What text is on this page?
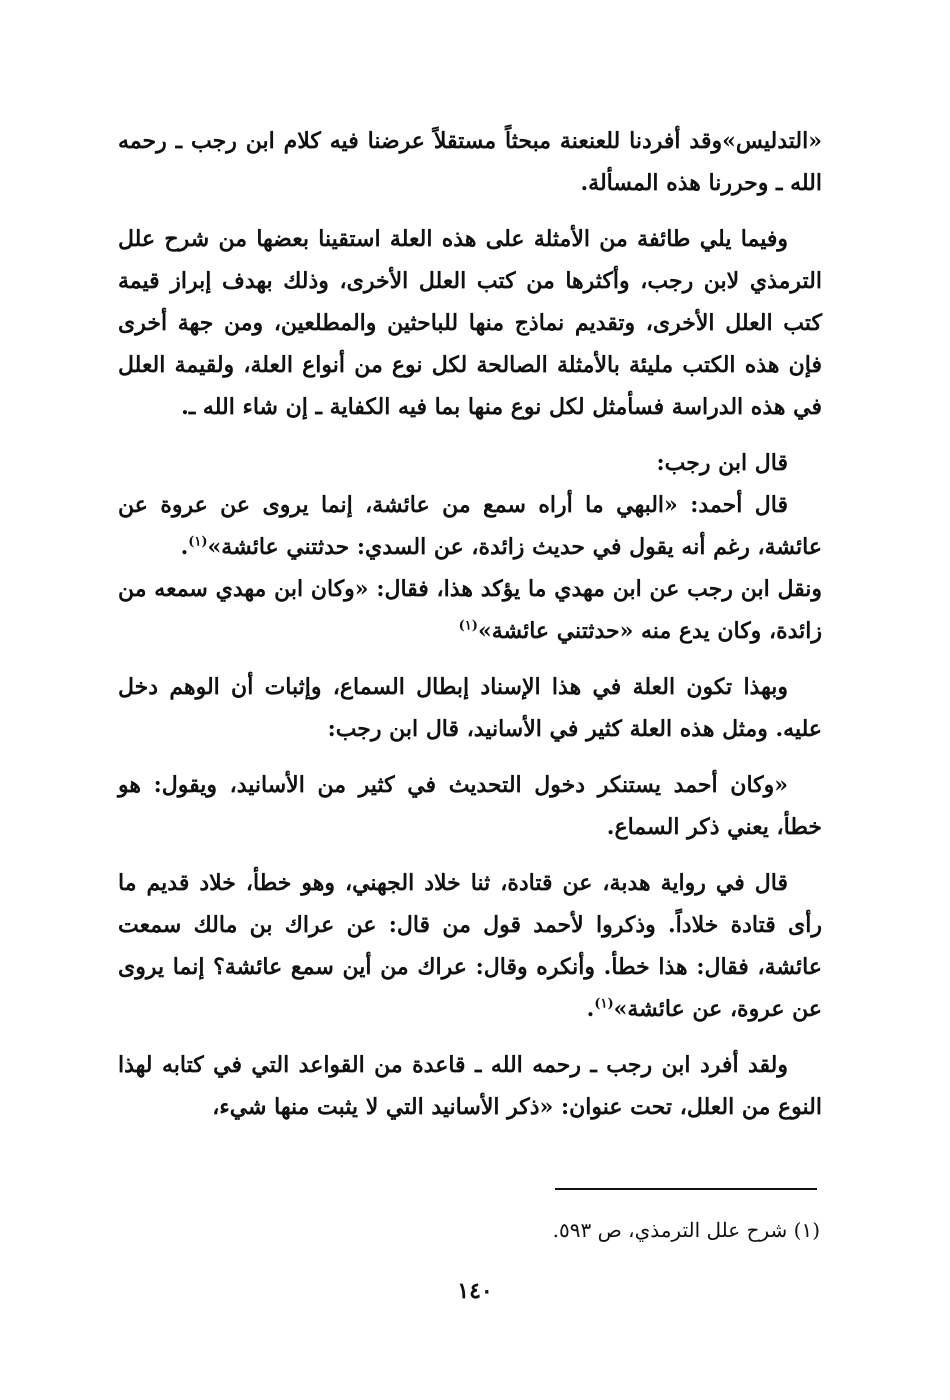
«التدليس»وقد أفردنا للعنعنة مبحثاً مستقلاً عرضنا فيه كلام ابن رجب ـ رحمه الله ـ وحررنا هذه المسألة.

وفيما يلي طائفة من الأمثلة على هذه العلة استقينا بعضها من شرح علل الترمذي لابن رجب، وأكثرها من كتب العلل الأخرى، وذلك بهدف إبراز قيمة كتب العلل الأخرى، وتقديم نماذج منها للباحثين والمطلعين، ومن جهة أخرى فإن هذه الكتب مليئة بالأمثلة الصالحة لكل نوع من أنواع العلة، ولقيمة العلل في هذه الدراسة فسأمثل لكل نوع منها بما فيه الكفاية ـ إن شاء الله ـ.

قال ابن رجب:

قال أحمد: «البهي ما أراه سمع من عائشة، إنما يروى عن عروة عن عائشة، رغم أنه يقول في حديث زائدة، عن السدي: حدثتني عائشة»$^{(١)}$.

ونقل ابن رجب عن ابن مهدي ما يؤكد هذا، فقال: «وكان ابن مهدي سمعه من زائدة، وكان يدع منه «حدثتني عائشة»$^{(١)}$

وبهذا تكون العلة في هذا الإسناد إبطال السماع، وإثبات أن الوهم دخل عليه. ومثل هذه العلة كثير في الأسانيد، قال ابن رجب:

«وكان أحمد يستنكر دخول التحديث في كثير من الأسانيد، ويقول: هو خطأ، يعني ذكر السماع.

قال في رواية هدبة، عن قتادة، ثنا خلاد الجهني، وهو خطأ، خلاد قديم ما رأى قتادة خلاداً. وذكروا لأحمد قول من قال: عن عراك بن مالك سمعت عائشة، فقال: هذا خطأ. وأنكره وقال: عراك من أين سمع عائشة؟ إنما يروى عن عروة، عن عائشة»$^{(١)}$.

ولقد أفرد ابن رجب ـ رحمه الله ـ قاعدة من القواعد التي في كتابه لهذا النوع من العلل، تحت عنوان: «ذكر الأسانيد التي لا يثبت منها شيء،

(١) شرح علل الترمذي، ص ٥٩٣.
١٤٠
